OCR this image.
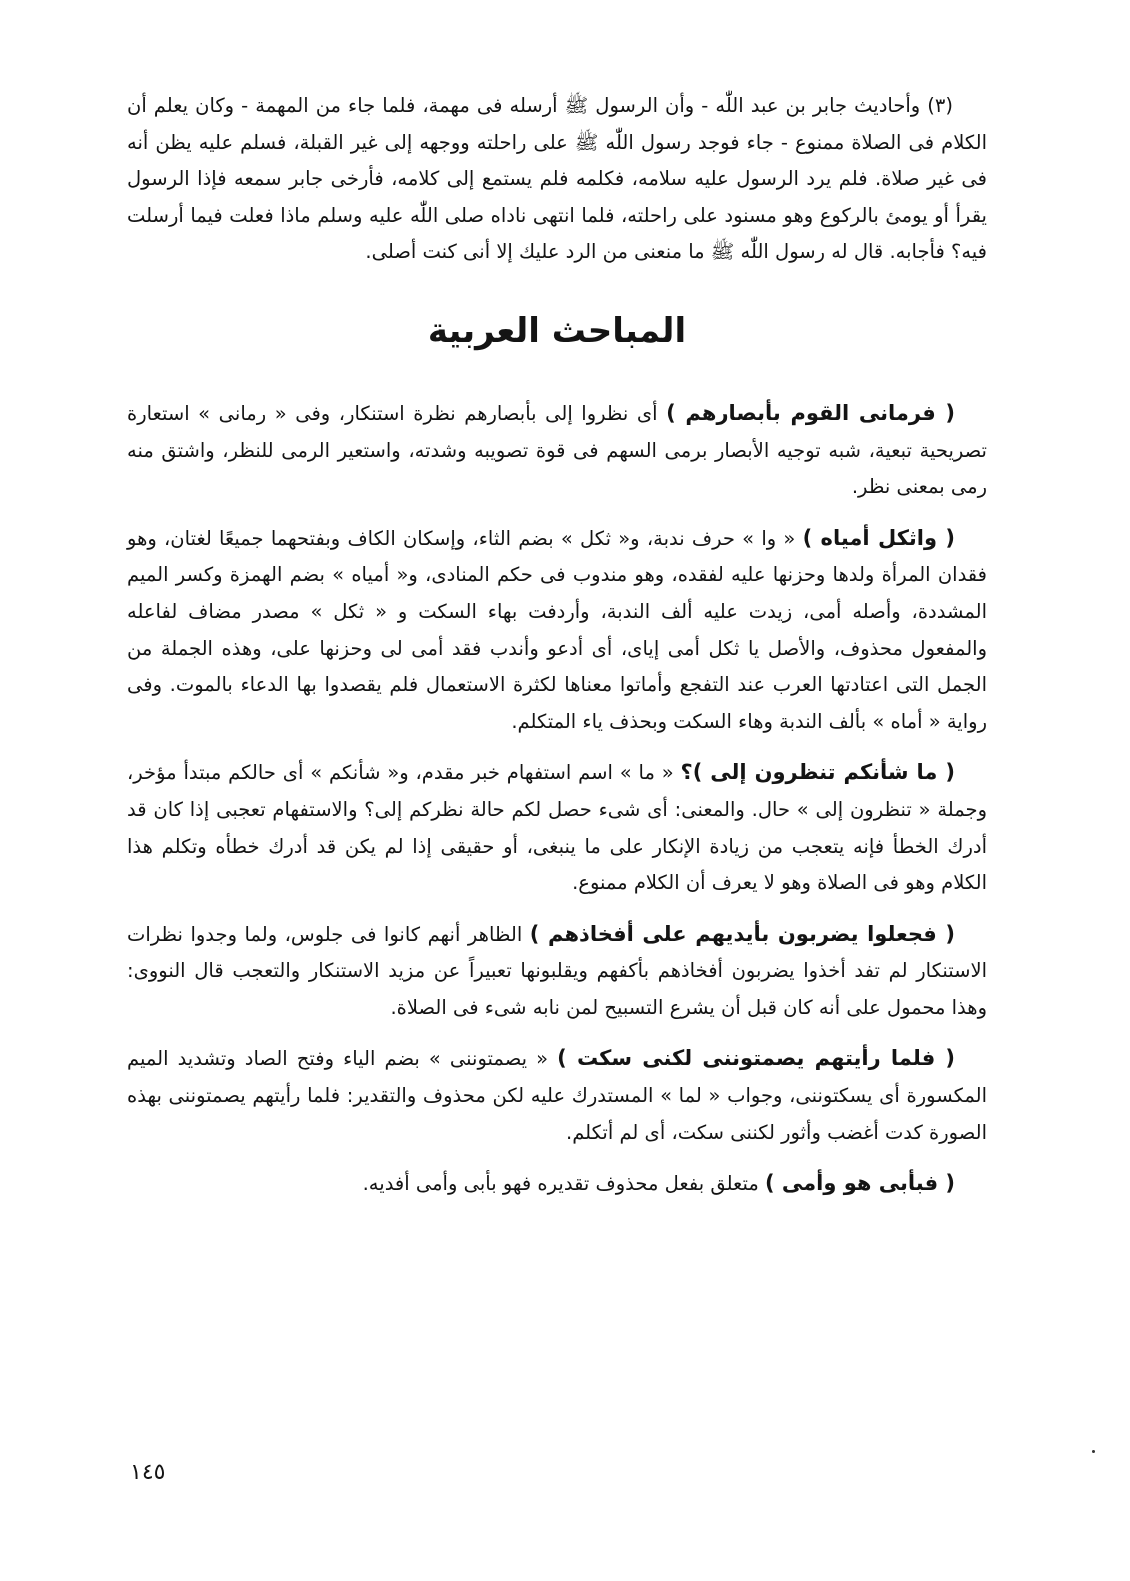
(٣) وأحاديث جابر بن عبد اللّٰه - وأن الرسول ﷺ أرسله فى مهمة، فلما جاء من المهمة - وكان يعلم أن الكلام فى الصلاة ممنوع - جاء فوجد رسول اللّٰه ﷺ على راحلته ووجهه إلى غير القبلة، فسلم عليه يظن أنه فى غير صلاة. فلم يرد الرسول عليه سلامه، فكلمه فلم يستمع إلى كلامه، فأرخى جابر سمعه فإذا الرسول يقرأ أو يومئ بالركوع وهو مسنود على راحلته، فلما انتهى ناداه صلى اللّٰه عليه وسلم ماذا فعلت فيما أرسلت فيه؟ فأجابه. قال له رسول اللّٰه ﷺ ما منعنى من الرد عليك إلا أنى كنت أصلى.

المباحث العربية

( فرمانى القوم بأبصارهم ) أى نظروا إلى بأبصارهم نظرة استنكار، وفى « رمانى » استعارة تصريحية تبعية، شبه توجيه الأبصار برمى السهم فى قوة تصويبه وشدته، واستعير الرمى للنظر، واشتق منه رمى بمعنى نظر.

( واثكل أمياه ) « وا » حرف ندبة، و« ثكل » بضم الثاء، وإسكان الكاف وبفتحهما جميعًا لغتان، وهو فقدان المرأة ولدها وحزنها عليه لفقده، وهو مندوب فى حكم المنادى، و« أمياه » بضم الهمزة وكسر الميم المشددة، وأصله أمى، زيدت عليه ألف الندبة، وأردفت بهاء السكت و « ثكل » مصدر مضاف لفاعله والمفعول محذوف، والأصل يا ثكل أمى إياى، أى أدعو وأندب فقد أمى لى وحزنها على، وهذه الجملة من الجمل التى اعتادتها العرب عند التفجع وأماتوا معناها لكثرة الاستعمال فلم يقصدوا بها الدعاء بالموت. وفى رواية « أماه » بألف الندبة وهاء السكت وبحذف ياء المتكلم.

( ما شأنكم تنظرون إلى )؟ « ما » اسم استفهام خبر مقدم، و« شأنكم » أى حالكم مبتدأ مؤخر، وجملة « تنظرون إلى » حال. والمعنى: أى شىء حصل لكم حالة نظركم إلى؟ والاستفهام تعجبى إذا كان قد أدرك الخطأ فإنه يتعجب من زيادة الإنكار على ما ينبغى، أو حقيقى إذا لم يكن قد أدرك خطأه وتكلم هذا الكلام وهو فى الصلاة وهو لا يعرف أن الكلام ممنوع.

( فجعلوا يضربون بأيديهم على أفخاذهم ) الظاهر أنهم كانوا فى جلوس، ولما وجدوا نظرات الاستنكار لم تفد أخذوا يضربون أفخاذهم بأكفهم ويقلبونها تعبيراً عن مزيد الاستنكار والتعجب قال النووى: وهذا محمول على أنه كان قبل أن يشرع التسبيح لمن نابه شىء فى الصلاة.

( فلما رأيتهم يصمتوننى لكنى سكت ) « يصمتوننى » بضم الياء وفتح الصاد وتشديد الميم المكسورة أى يسكتوننى، وجواب « لما » المستدرك عليه لكن محذوف والتقدير: فلما رأيتهم يصمتوننى بهذه الصورة كدت أغضب وأثور لكننى سكت، أى لم أتكلم.

( فبأبى هو وأمى ) متعلق بفعل محذوف تقديره فهو بأبى وأمى أفديه.

١٤٥
